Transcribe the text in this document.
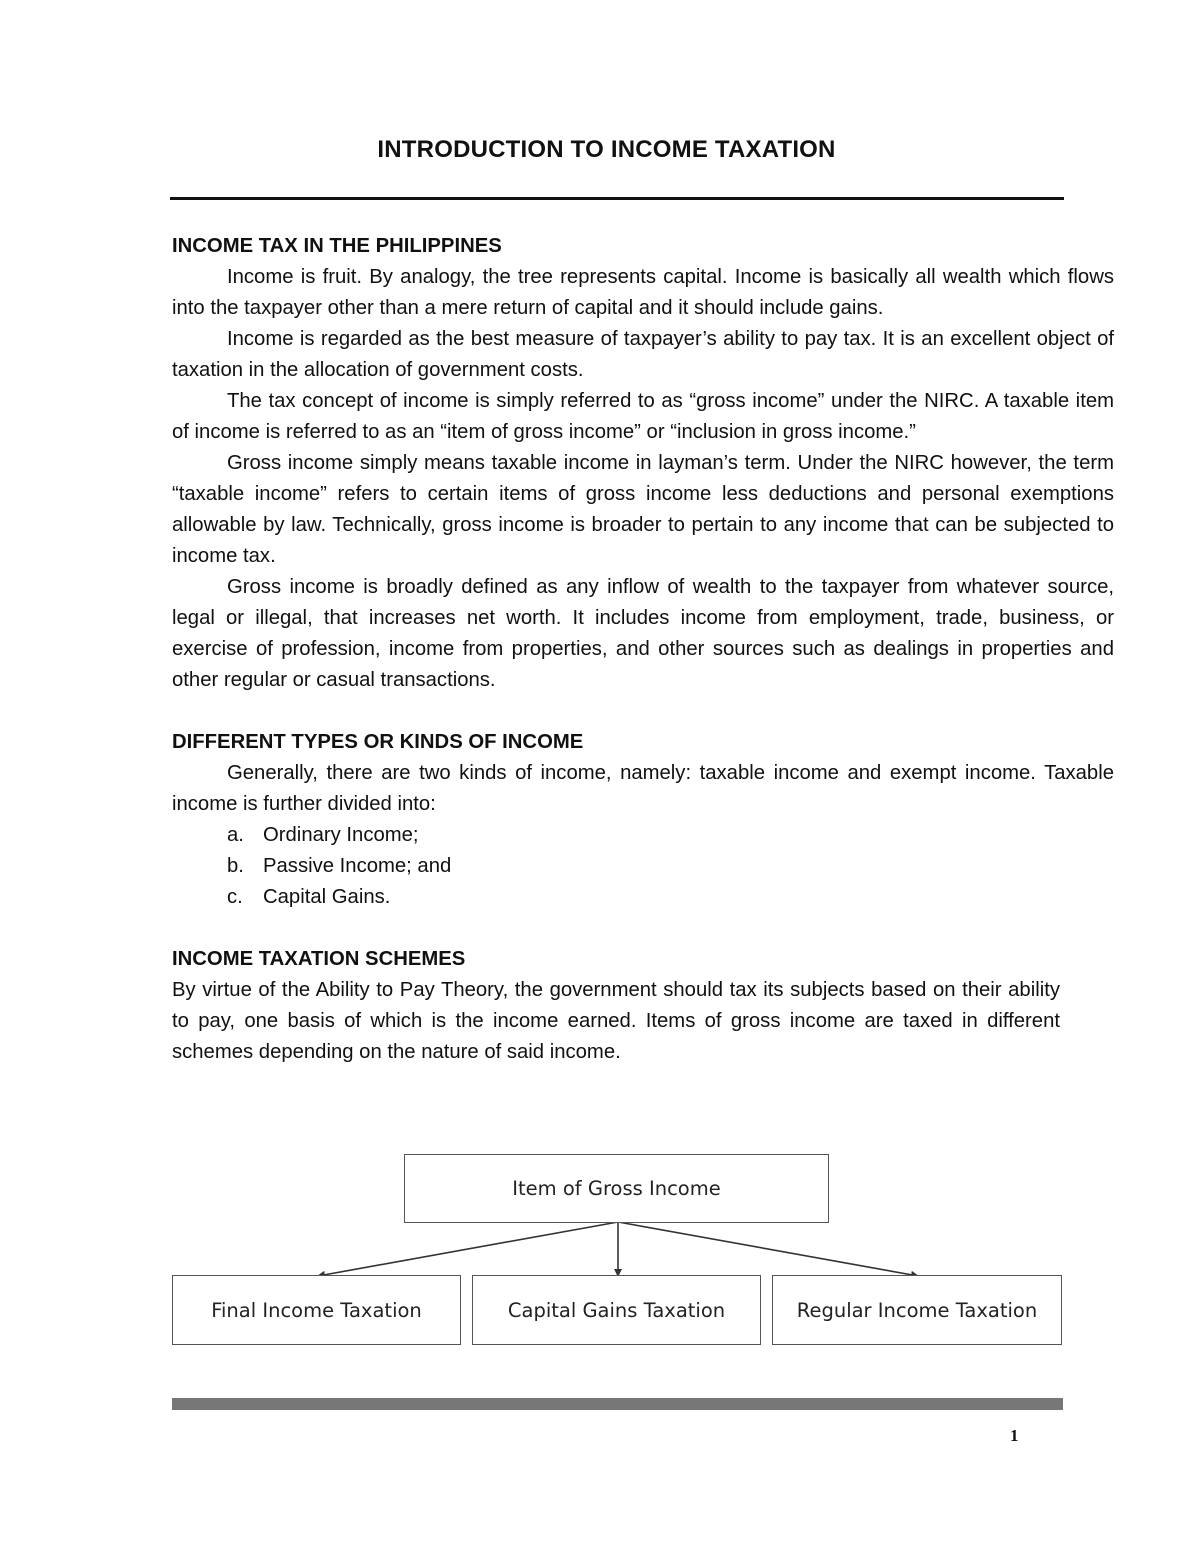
INTRODUCTION TO INCOME TAXATION

INCOME TAX IN THE PHILIPPINES

Income is fruit. By analogy, the tree represents capital. Income is basically all wealth which flows into the taxpayer other than a mere return of capital and it should include gains.

Income is regarded as the best measure of taxpayer’s ability to pay tax. It is an excellent object of taxation in the allocation of government costs.

The tax concept of income is simply referred to as “gross income” under the NIRC. A taxable item of income is referred to as an “item of gross income” or “inclusion in gross income.”

Gross income simply means taxable income in layman’s term. Under the NIRC however, the term “taxable income” refers to certain items of gross income less deductions and personal exemptions allowable by law. Technically, gross income is broader to pertain to any income that can be subjected to income tax.

Gross income is broadly defined as any inflow of wealth to the taxpayer from whatever source, legal or illegal, that increases net worth. It includes income from employment, trade, business, or exercise of profession, income from properties, and other sources such as dealings in properties and other regular or casual transactions.

DIFFERENT TYPES OR KINDS OF INCOME

Generally, there are two kinds of income, namely: taxable income and exempt income. Taxable income is further divided into:

a. Ordinary Income;
b. Passive Income; and
c. Capital Gains.

INCOME TAXATION SCHEMES

By virtue of the Ability to Pay Theory, the government should tax its subjects based on their ability to pay, one basis of which is the income earned. Items of gross income are taxed in different schemes depending on the nature of said income.

Item of Gross Income
Final Income Taxation	Capital Gains Taxation	Regular Income Taxation
1
